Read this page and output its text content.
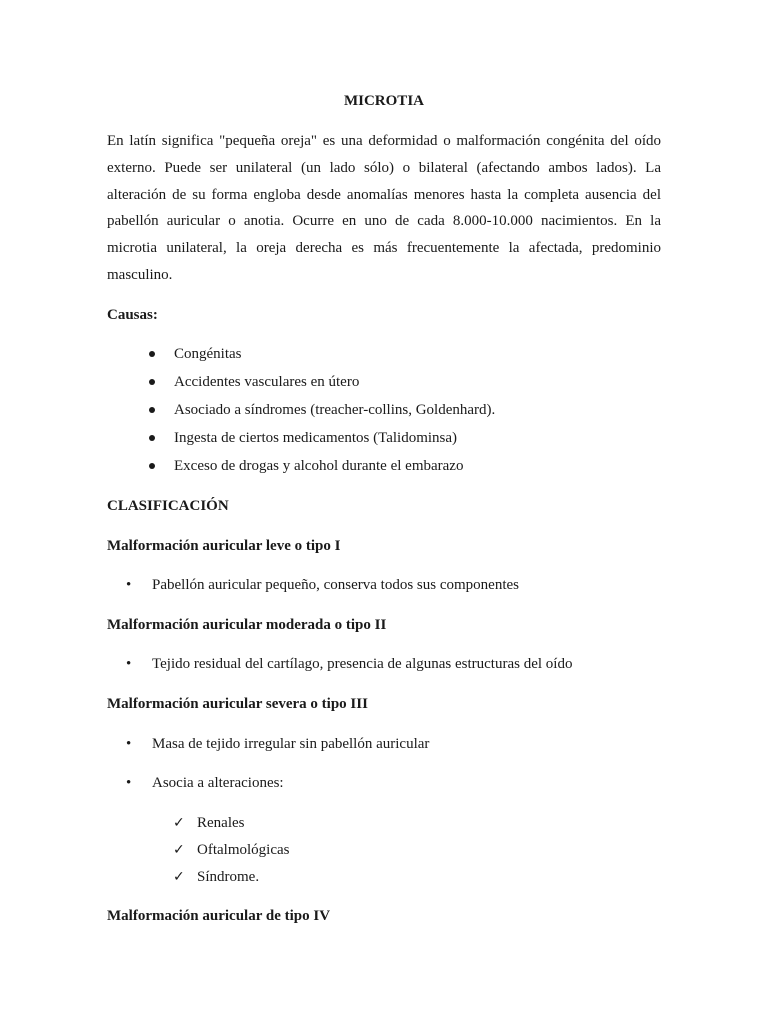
MICROTIA
En latín significa "pequeña oreja" es una deformidad o malformación congénita del oído
externo. Puede ser unilateral (un lado sólo) o bilateral (afectando ambos lados). La
alteración de su forma engloba desde anomalías menores hasta la completa ausencia del
pabellón auricular o anotia. Ocurre en uno de cada 8.000-10.000 nacimientos. En la
microtia unilateral, la oreja derecha es más frecuentemente la afectada, predominio
masculino.
Causas:
Congénitas
Accidentes vasculares en útero
Asociado a síndromes (treacher-collins, Goldenhard).
Ingesta de ciertos medicamentos (Talidominsa)
Exceso de drogas y alcohol durante el embarazo
CLASIFICACIÓN
Malformación auricular leve o tipo I
• Pabellón auricular pequeño, conserva todos sus componentes
Malformación auricular moderada o tipo II
• Tejido residual del cartílago, presencia de algunas estructuras del oído
Malformación auricular severa o tipo III
• Masa de tejido irregular sin pabellón auricular
• Asocia a alteraciones:
✓ Renales
✓ Oftalmológicas
✓ Síndrome.
Malformación auricular de tipo IV
